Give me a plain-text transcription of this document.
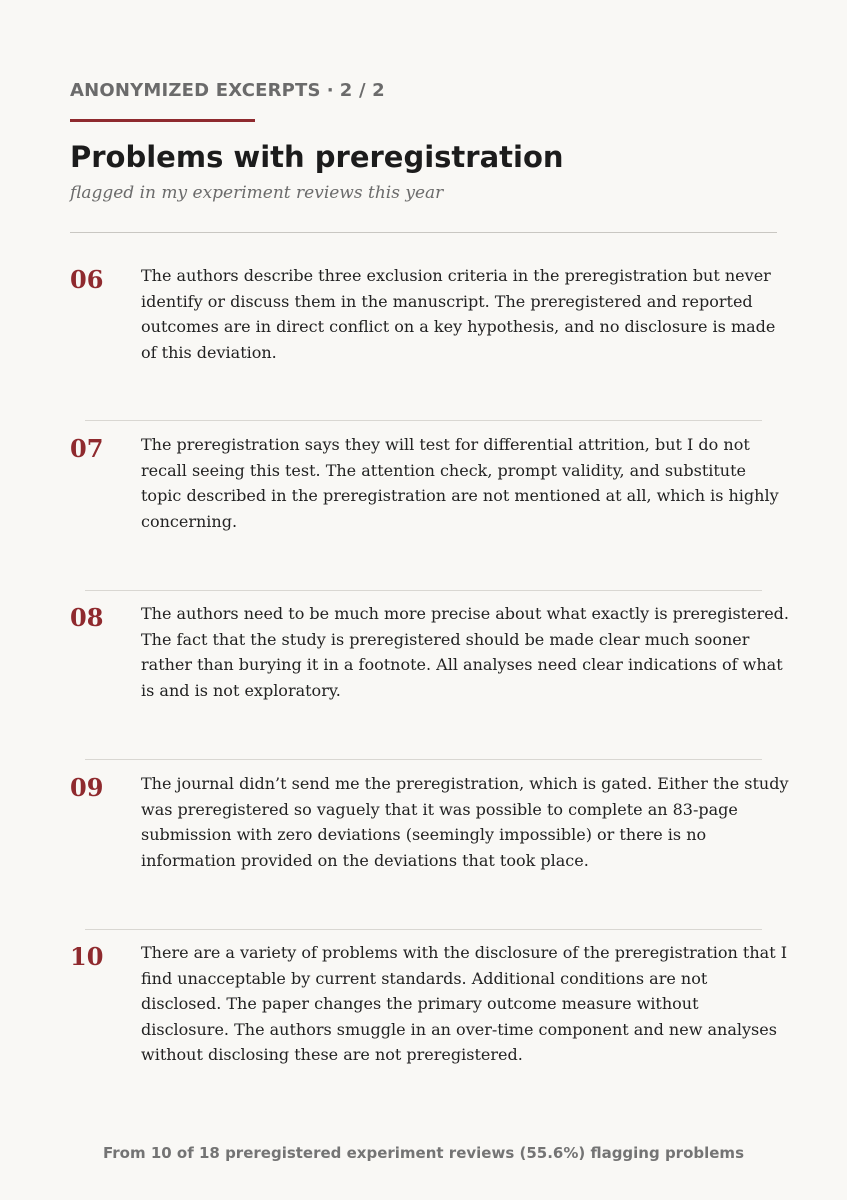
ANONYMIZED EXCERPTS · 2 / 2
Problems with preregistration
flagged in my experiment reviews this year
06 The authors describe three exclusion criteria in the preregistration but never identify or discuss them in the manuscript. The preregistered and reported outcomes are in direct conflict on a key hypothesis, and no disclosure is made of this deviation.

07 The preregistration says they will test for differential attrition, but I do not recall seeing this test. The attention check, prompt validity, and substitute topic described in the preregistration are not mentioned at all, which is highly concerning.

08 The authors need to be much more precise about what exactly is preregistered. The fact that the study is preregistered should be made clear much sooner rather than burying it in a footnote. All analyses need clear indications of what is and is not exploratory.

09 The journal didn’t send me the preregistration, which is gated. Either the study was preregistered so vaguely that it was possible to complete an 83-page submission with zero deviations (seemingly impossible) or there is no information provided on the deviations that took place.

10 There are a variety of problems with the disclosure of the preregistration that I find unacceptable by current standards. Additional conditions are not disclosed. The paper changes the primary outcome measure without disclosure. The authors smuggle in an over-time component and new analyses without disclosing these are not preregistered.

From 10 of 18 preregistered experiment reviews (55.6%) flagging problems
